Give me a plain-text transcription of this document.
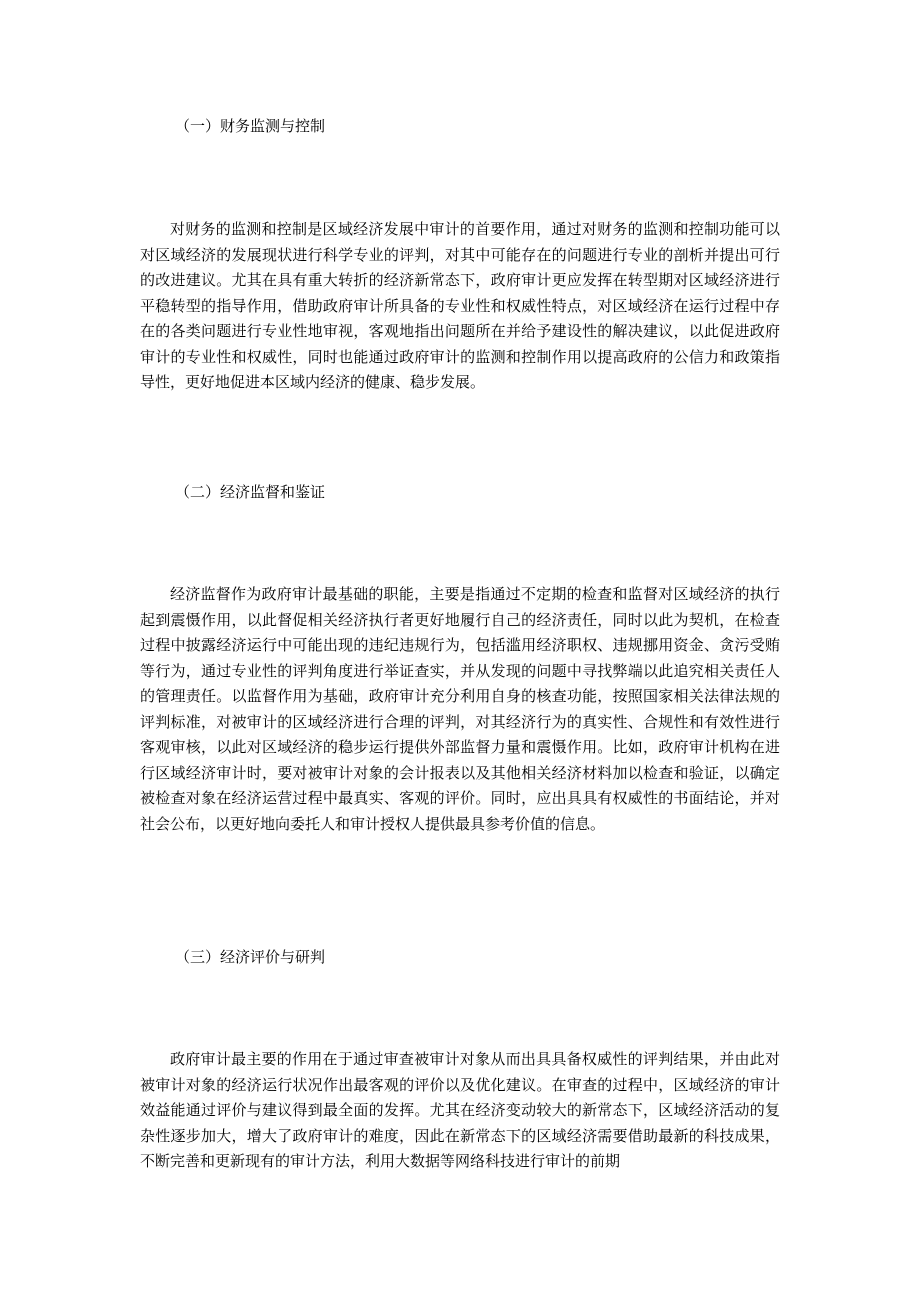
（一）财务监测与控制

对财务的监测和控制是区域经济发展中审计的首要作用，通过对财务的监测和控制功能可以对区域经济的发展现状进行科学专业的评判，对其中可能存在的问题进行专业的剖析并提出可行的改进建议。尤其在具有重大转折的经济新常态下，政府审计更应发挥在转型期对区域经济进行平稳转型的指导作用，借助政府审计所具备的专业性和权威性特点，对区域经济在运行过程中存在的各类问题进行专业性地审视，客观地指出问题所在并给予建设性的解决建议，以此促进政府审计的专业性和权威性，同时也能通过政府审计的监测和控制作用以提高政府的公信力和政策指导性，更好地促进本区域内经济的健康、稳步发展。

（二）经济监督和鉴证

经济监督作为政府审计最基础的职能，主要是指通过不定期的检查和监督对区域经济的执行起到震慑作用，以此督促相关经济执行者更好地履行自己的经济责任，同时以此为契机，在检查过程中披露经济运行中可能出现的违纪违规行为，包括滥用经济职权、违规挪用资金、贪污受贿等行为，通过专业性的评判角度进行举证查实，并从发现的问题中寻找弊端以此追究相关责任人的管理责任。以监督作用为基础，政府审计充分利用自身的核查功能，按照国家相关法律法规的评判标准，对被审计的区域经济进行合理的评判，对其经济行为的真实性、合规性和有效性进行客观审核，以此对区域经济的稳步运行提供外部监督力量和震慑作用。比如，政府审计机构在进行区域经济审计时，要对被审计对象的会计报表以及其他相关经济材料加以检查和验证，以确定被检查对象在经济运营过程中最真实、客观的评价。同时，应出具具有权威性的书面结论，并对社会公布，以更好地向委托人和审计授权人提供最具参考价值的信息。

（三）经济评价与研判

政府审计最主要的作用在于通过审查被审计对象从而出具具备权威性的评判结果，并由此对被审计对象的经济运行状况作出最客观的评价以及优化建议。在审查的过程中，区域经济的审计效益能通过评价与建议得到最全面的发挥。尤其在经济变动较大的新常态下，区域经济活动的复杂性逐步加大，增大了政府审计的难度，因此在新常态下的区域经济需要借助最新的科技成果，不断完善和更新现有的审计方法，利用大数据等网络科技进行审计的前期
